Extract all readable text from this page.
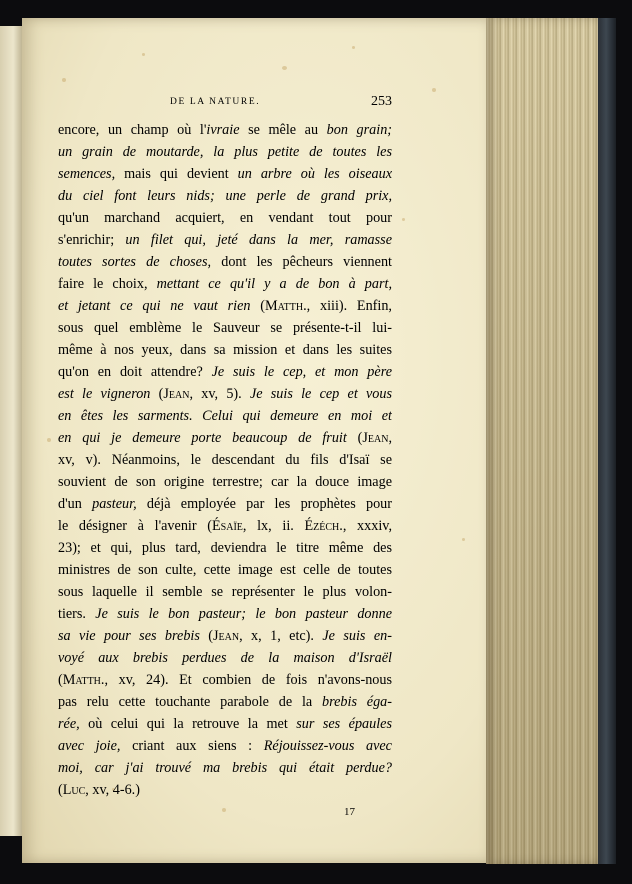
DE LA NATURE.	253
encore, un champ où l'ivraie se mêle au bon grain;
un grain de moutarde, la plus petite de toutes les
semences, mais qui devient un arbre où les oiseaux
du ciel font leurs nids; une perle de grand prix,
qu'un marchand acquiert, en vendant tout pour
s'enrichir; un filet qui, jeté dans la mer, ramasse
toutes sortes de choses, dont les pêcheurs viennent
faire le choix, mettant ce qu'il y a de bon à part,
et jetant ce qui ne vaut rien (Matth., xiii). Enfin,
sous quel emblème le Sauveur se présente-t-il lui-
même à nos yeux, dans sa mission et dans les suites
qu'on en doit attendre? Je suis le cep, et mon père
est le vigneron (Jean, xv, 5). Je suis le cep et vous
en êtes les sarments. Celui qui demeure en moi et
en qui je demeure porte beaucoup de fruit (Jean,
xv, v). Néanmoins, le descendant du fils d'Isaï se
souvient de son origine terrestre; car la douce image
d'un pasteur, déjà employée par les prophètes pour
le désigner à l'avenir (Ésaïe, lx, ii. Ézéch., xxxiv,
23); et qui, plus tard, deviendra le titre même des
ministres de son culte, cette image est celle de toutes
sous laquelle il semble se représenter le plus volon-
tiers. Je suis le bon pasteur; le bon pasteur donne
sa vie pour ses brebis (Jean, x, 1, etc). Je suis en-
voyé aux brebis perdues de la maison d'Israël
(Matth., xv, 24). Et combien de fois n'avons-nous
pas relu cette touchante parabole de la brebis éga-
rée, où celui qui la retrouve la met sur ses épaules
avec joie, criant aux siens : Réjouissez-vous avec
moi, car j'ai trouvé ma brebis qui était perdue?
(Luc, xv, 4-6.)
17
